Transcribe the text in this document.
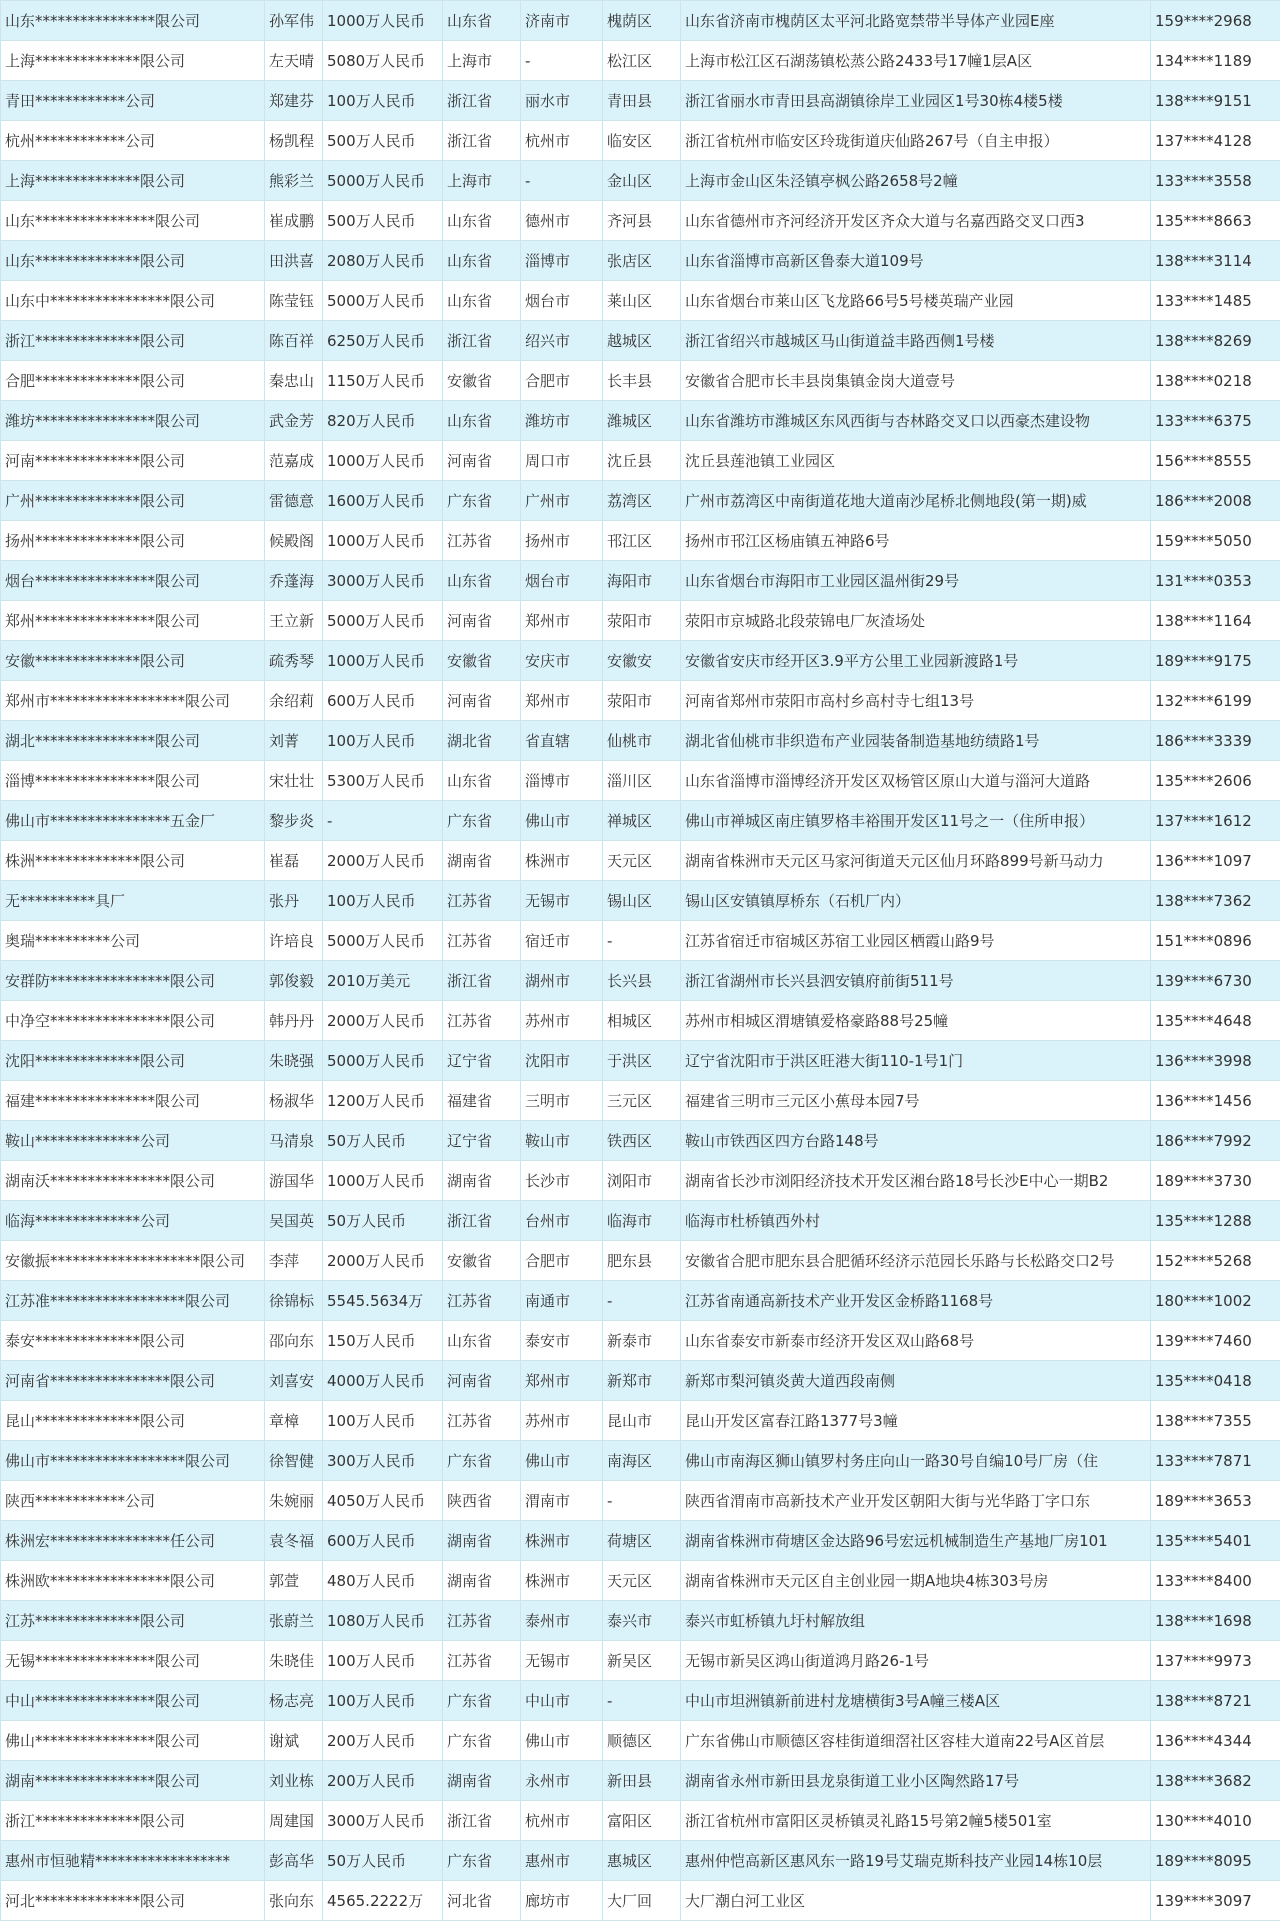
山东****************限公司	孙军伟	1000万人民币	山东省	济南市	槐荫区	山东省济南市槐荫区太平河北路宽禁带半导体产业园E座	159****2968
上海**************限公司	左天晴	5080万人民币	上海市	-	松江区	上海市松江区石湖荡镇松蒸公路2433号17幢1层A区	134****1189
青田************公司	郑建芬	100万人民币	浙江省	丽水市	青田县	浙江省丽水市青田县高湖镇徐岸工业园区1号30栋4楼5楼	138****9151
杭州************公司	杨凯程	500万人民币	浙江省	杭州市	临安区	浙江省杭州市临安区玲珑街道庆仙路267号（自主申报）	137****4128
上海**************限公司	熊彩兰	5000万人民币	上海市	-	金山区	上海市金山区朱泾镇亭枫公路2658号2幢	133****3558
山东****************限公司	崔成鹏	500万人民币	山东省	德州市	齐河县	山东省德州市齐河经济开发区齐众大道与名嘉西路交叉口西3	135****8663
山东**************限公司	田洪喜	2080万人民币	山东省	淄博市	张店区	山东省淄博市高新区鲁泰大道109号	138****3114
山东中****************限公司	陈莹钰	5000万人民币	山东省	烟台市	莱山区	山东省烟台市莱山区飞龙路66号5号楼英瑞产业园	133****1485
浙江**************限公司	陈百祥	6250万人民币	浙江省	绍兴市	越城区	浙江省绍兴市越城区马山街道益丰路西侧1号楼	138****8269
合肥**************限公司	秦忠山	1150万人民币	安徽省	合肥市	长丰县	安徽省合肥市长丰县岗集镇金岗大道壹号	138****0218
潍坊****************限公司	武金芳	820万人民币	山东省	潍坊市	潍城区	山东省潍坊市潍城区东风西街与杏林路交叉口以西豪杰建设物	133****6375
河南**************限公司	范嘉成	1000万人民币	河南省	周口市	沈丘县	沈丘县莲池镇工业园区	156****8555
广州**************限公司	雷德意	1600万人民币	广东省	广州市	荔湾区	广州市荔湾区中南街道花地大道南沙尾桥北侧地段(第一期)威	186****2008
扬州**************限公司	候殿阁	1000万人民币	江苏省	扬州市	邗江区	扬州市邗江区杨庙镇五神路6号	159****5050
烟台****************限公司	乔蓬海	3000万人民币	山东省	烟台市	海阳市	山东省烟台市海阳市工业园区温州街29号	131****0353
郑州****************限公司	王立新	5000万人民币	河南省	郑州市	荥阳市	荥阳市京城路北段荥锦电厂灰渣场处	138****1164
安徽**************限公司	疏秀琴	1000万人民币	安徽省	安庆市	安徽安	安徽省安庆市经开区3.9平方公里工业园新渡路1号	189****9175
郑州市******************限公司	余绍莉	600万人民币	河南省	郑州市	荥阳市	河南省郑州市荥阳市高村乡高村寺七组13号	132****6199
湖北****************限公司	刘菁	100万人民币	湖北省	省直辖	仙桃市	湖北省仙桃市非织造布产业园装备制造基地纺绩路1号	186****3339
淄博****************限公司	宋壮壮	5300万人民币	山东省	淄博市	淄川区	山东省淄博市淄博经济开发区双杨管区原山大道与淄河大道路	135****2606
佛山市****************五金厂	黎步炎	-	广东省	佛山市	禅城区	佛山市禅城区南庄镇罗格丰裕围开发区11号之一（住所申报）	137****1612
株洲**************限公司	崔磊	2000万人民币	湖南省	株洲市	天元区	湖南省株洲市天元区马家河街道天元区仙月环路899号新马动力	136****1097
无**********具厂	张丹	100万人民币	江苏省	无锡市	锡山区	锡山区安镇镇厚桥东（石机厂内）	138****7362
奥瑞**********公司	许培良	5000万人民币	江苏省	宿迁市	-	江苏省宿迁市宿城区苏宿工业园区栖霞山路9号	151****0896
安群防****************限公司	郭俊毅	2010万美元	浙江省	湖州市	长兴县	浙江省湖州市长兴县泗安镇府前街511号	139****6730
中净空****************限公司	韩丹丹	2000万人民币	江苏省	苏州市	相城区	苏州市相城区渭塘镇爱格豪路88号25幢	135****4648
沈阳**************限公司	朱晓强	5000万人民币	辽宁省	沈阳市	于洪区	辽宁省沈阳市于洪区旺港大街110-1号1门	136****3998
福建****************限公司	杨淑华	1200万人民币	福建省	三明市	三元区	福建省三明市三元区小蕉母本园7号	136****1456
鞍山**************公司	马清泉	50万人民币	辽宁省	鞍山市	铁西区	鞍山市铁西区四方台路148号	186****7992
湖南沃****************限公司	游国华	1000万人民币	湖南省	长沙市	浏阳市	湖南省长沙市浏阳经济技术开发区湘台路18号长沙E中心一期B2	189****3730
临海**************公司	吴国英	50万人民币	浙江省	台州市	临海市	临海市杜桥镇西外村	135****1288
安徽振********************限公司	李萍	2000万人民币	安徽省	合肥市	肥东县	安徽省合肥市肥东县合肥循环经济示范园长乐路与长松路交口2号	152****5268
江苏准******************限公司	徐锦标	5545.5634万	江苏省	南通市	-	江苏省南通高新技术产业开发区金桥路1168号	180****1002
泰安**************限公司	邵向东	150万人民币	山东省	泰安市	新泰市	山东省泰安市新泰市经济开发区双山路68号	139****7460
河南省****************限公司	刘喜安	4000万人民币	河南省	郑州市	新郑市	新郑市梨河镇炎黄大道西段南侧	135****0418
昆山**************限公司	章樟	100万人民币	江苏省	苏州市	昆山市	昆山开发区富春江路1377号3幢	138****7355
佛山市******************限公司	徐智健	300万人民币	广东省	佛山市	南海区	佛山市南海区狮山镇罗村务庄向山一路30号自编10号厂房（住	133****7871
陕西************公司	朱婉丽	4050万人民币	陕西省	渭南市	-	陕西省渭南市高新技术产业开发区朝阳大街与光华路丁字口东	189****3653
株洲宏****************任公司	袁冬福	600万人民币	湖南省	株洲市	荷塘区	湖南省株洲市荷塘区金达路96号宏远机械制造生产基地厂房101	135****5401
株洲欧****************限公司	郭萱	480万人民币	湖南省	株洲市	天元区	湖南省株洲市天元区自主创业园一期A地块4栋303号房	133****8400
江苏**************限公司	张蔚兰	1080万人民币	江苏省	泰州市	泰兴市	泰兴市虹桥镇九圩村解放组	138****1698
无锡****************限公司	朱晓佳	100万人民币	江苏省	无锡市	新吴区	无锡市新吴区鸿山街道鸿月路26-1号	137****9973
中山****************限公司	杨志亮	100万人民币	广东省	中山市	-	中山市坦洲镇新前进村龙塘横街3号A幢三楼A区	138****8721
佛山****************限公司	谢斌	200万人民币	广东省	佛山市	顺德区	广东省佛山市顺德区容桂街道细滘社区容桂大道南22号A区首层	136****4344
湖南****************限公司	刘业栋	200万人民币	湖南省	永州市	新田县	湖南省永州市新田县龙泉街道工业小区陶然路17号	138****3682
浙江**************限公司	周建国	3000万人民币	浙江省	杭州市	富阳区	浙江省杭州市富阳区灵桥镇灵礼路15号第2幢5楼501室	130****4010
惠州市恒驰精******************	彭高华	50万人民币	广东省	惠州市	惠城区	惠州仲恺高新区惠风东一路19号艾瑞克斯科技产业园14栋10层	189****8095
河北**************限公司	张向东	4565.2222万	河北省	廊坊市	大厂回	大厂潮白河工业区	139****3097
